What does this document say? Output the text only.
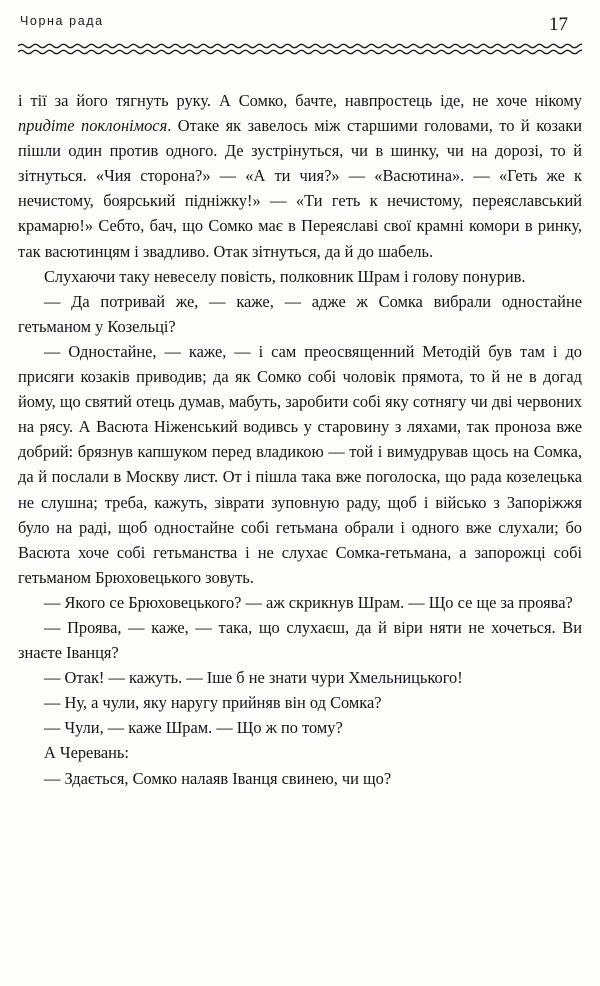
Чорна рада	17

і тії за його тягнуть руку. А Сомко, бачте, навпростець іде, не хоче нікому придіте поклонімося. Отаке як завелось між старшими головами, то й козаки пішли один против одного. Де зустрінуться, чи в шинку, чи на дорозі, то й зітнуться. «Чия сторона?» — «А ти чия?» — «Васютина». — «Геть же к нечистому, боярський підніжку!» — «Ти геть к нечистому, переяславський крамарю!» Себто, бач, що Сомко має в Переяславі свої крамні комори в ринку, так васютинцям і звадливо. Отак зітнуться, да й до шабель.

Слухаючи таку невеселу повість, полковник Шрам і голову понурив.

— Да потривай же, — каже, — адже ж Сомка вибрали одностайне гетьманом у Козельці?

— Одностайне, — каже, — і сам преосвященний Методій був там і до присяги козаків приводив; да як Сомко собі чоловік прямота, то й не в догад йому, що святий отець думав, мабуть, заробити собі яку сотнягу чи дві червоних на рясу. А Васюта Ніженський водивсь у старовину з ляхами, так проноза вже добрий: брязнув капшуком перед владикою — той і вимудрував щось на Сомка, да й послали в Москву лист. От і пішла така вже поголоска, що рада козелецька не слушна; треба, кажуть, зіврати зуповную раду, щоб і військо з Запоріжжя було на раді, щоб одностайне собі гетьмана обрали і одного вже слухали; бо Васюта хоче собі гетьманства і не слухає Сомка-гетьмана, а запорожці собі гетьманом Брюховецького зовуть.

— Якого се Брюховецького? — аж скрикнув Шрам. — Що се ще за проява?

— Проява, — каже, — така, що слухаєш, да й віри няти не хочеться. Ви знаєте Іванця?

— Отак! — кажуть. — Іше б не знати чури Хмельницького!

— Ну, а чули, яку наругу прийняв він од Сомка?

— Чули, — каже Шрам. — Що ж по тому?

А Черевань:

— Здається, Сомко налаяв Іванця свинею, чи що?
